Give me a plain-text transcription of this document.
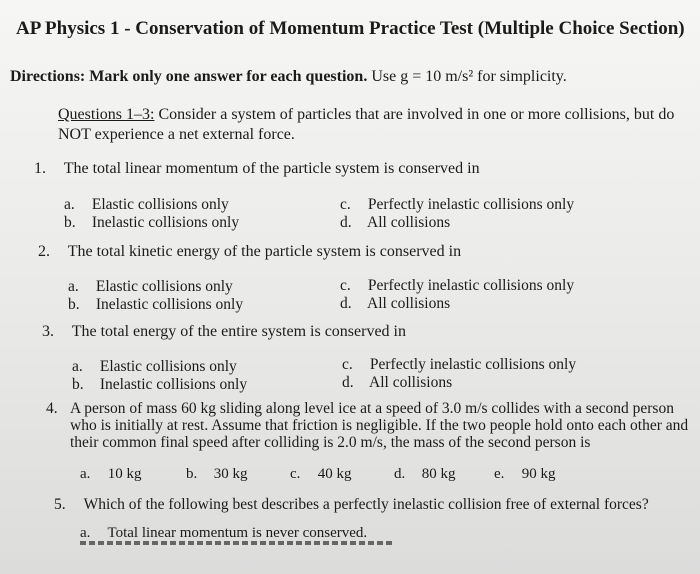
AP Physics 1 - Conservation of Momentum Practice Test (Multiple Choice Section)
Directions: Mark only one answer for each question. Use g = 10 m/s² for simplicity.
Questions 1–3: Consider a system of particles that are involved in one or more collisions, but do NOT experience a net external force.
1. The total linear momentum of the particle system is conserved in
a. Elastic collisions only
b. Inelastic collisions only
c. Perfectly inelastic collisions only
d. All collisions
2. The total kinetic energy of the particle system is conserved in
a. Elastic collisions only
b. Inelastic collisions only
c. Perfectly inelastic collisions only
d. All collisions
3. The total energy of the entire system is conserved in
a. Elastic collisions only
b. Inelastic collisions only
c. Perfectly inelastic collisions only
d. All collisions
4. A person of mass 60 kg sliding along level ice at a speed of 3.0 m/s collides with a second person who is initially at rest. Assume that friction is negligible. If the two people hold onto each other and their common final speed after colliding is 2.0 m/s, the mass of the second person is
a. 10 kg	b. 30 kg	c. 40 kg	d. 80 kg	e. 90 kg
5. Which of the following best describes a perfectly inelastic collision free of external forces?
a. Total linear momentum is never conserved.
